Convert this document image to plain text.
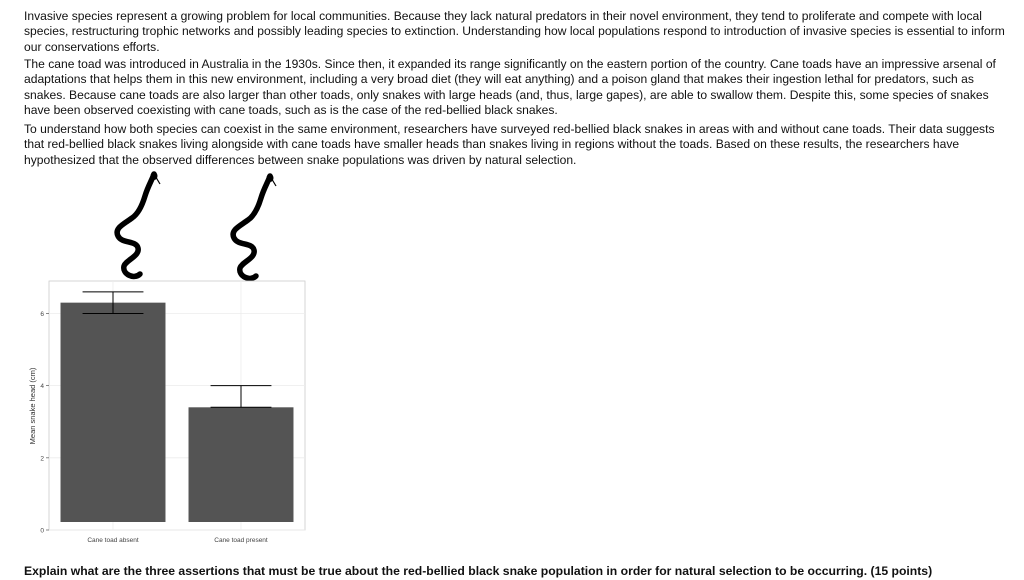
Invasive species represent a growing problem for local communities. Because they lack natural predators in their novel environment, they tend to proliferate and compete with local species, restructuring trophic networks and possibly leading species to extinction. Understanding how local populations respond to introduction of invasive species is essential to inform our conservations efforts.

The cane toad was introduced in Australia in the 1930s. Since then, it expanded its range significantly on the eastern portion of the country. Cane toads have an impressive arsenal of adaptations that helps them in this new environment, including a very broad diet (they will eat anything) and a poison gland that makes their ingestion lethal for predators, such as snakes. Because cane toads are also larger than other toads, only snakes with large heads (and, thus, large gapes), are able to swallow them. Despite this, some species of snakes have been observed coexisting with cane toads, such as is the case of the red-bellied black snakes.

To understand how both species can coexist in the same environment, researchers have surveyed red-bellied black snakes in areas with and without cane toads. Their data suggests that red-bellied black snakes living alongside with cane toads have smaller heads than snakes living in regions without the toads. Based on these results, the researchers have hypothesized that the observed differences between snake populations was driven by natural selection.

0
2
4
6
Cane toad absent	Cane toad present
Mean snake head (cm)

Explain what are the three assertions that must be true about the red-bellied black snake population in order for natural selection to be occurring. (15 points)
